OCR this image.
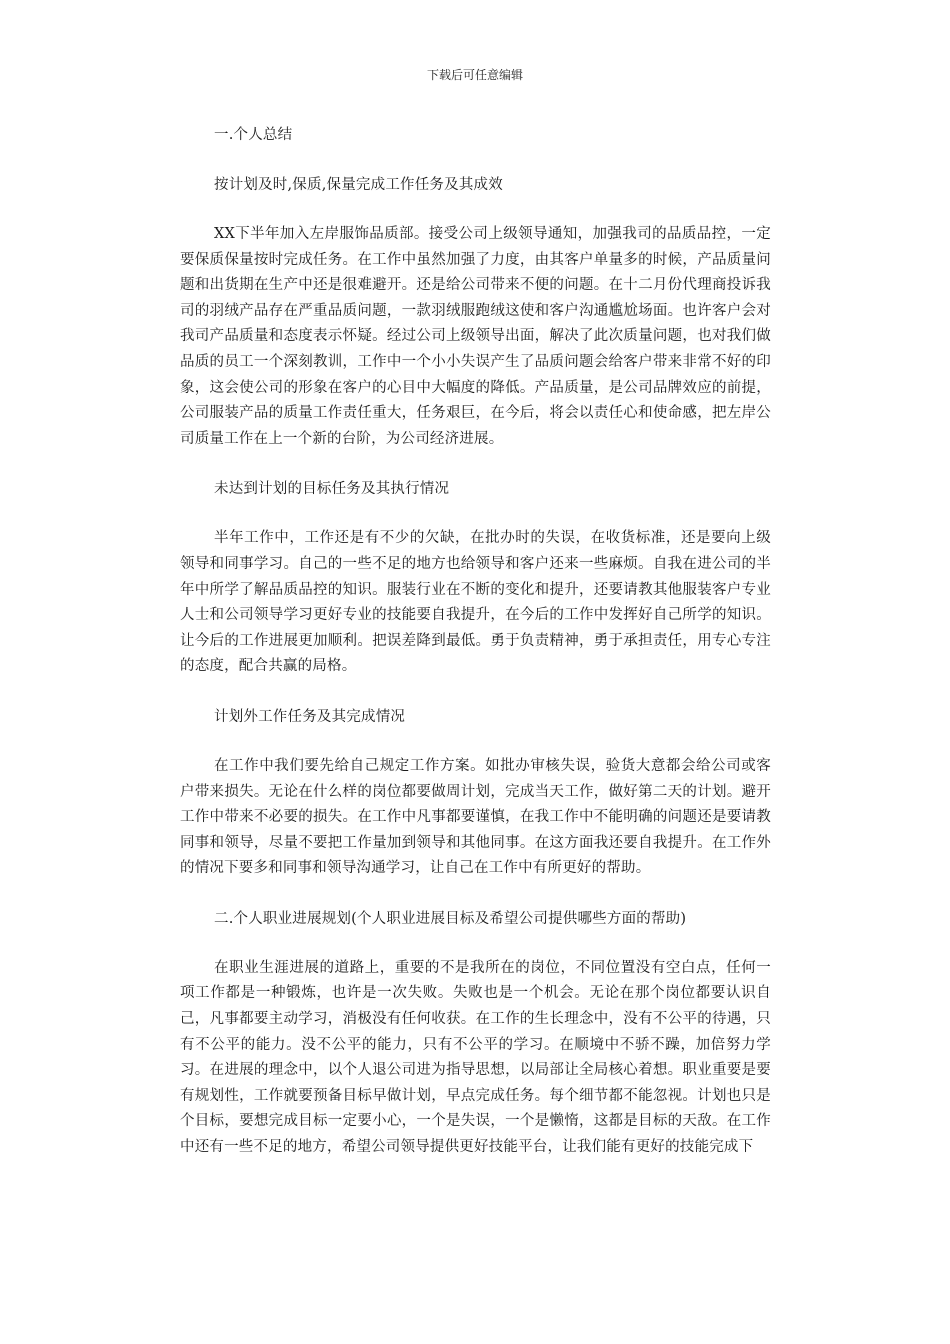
下载后可任意编辑

一.个人总结

按计划及时,保质,保量完成工作任务及其成效

XX下半年加入左岸服饰品质部。接受公司上级领导通知，加强我司的品质品控，一定要保质保量按时完成任务。在工作中虽然加强了力度，由其客户单量多的时候，产品质量问题和出货期在生产中还是很难避开。还是给公司带来不便的问题。在十二月份代理商投诉我司的羽绒产品存在严重品质问题，一款羽绒服跑绒这使和客户沟通尴尬场面。也许客户会对我司产品质量和态度表示怀疑。经过公司上级领导出面，解决了此次质量问题，也对我们做品质的员工一个深刻教训，工作中一个小小失误产生了品质问题会给客户带来非常不好的印象，这会使公司的形象在客户的心目中大幅度的降低。产品质量，是公司品牌效应的前提，公司服装产品的质量工作责任重大，任务艰巨，在今后，将会以责任心和使命感，把左岸公司质量工作在上一个新的台阶，为公司经济进展。

未达到计划的目标任务及其执行情况

半年工作中，工作还是有不少的欠缺，在批办时的失误，在收货标准，还是要向上级领导和同事学习。自己的一些不足的地方也给领导和客户还来一些麻烦。自我在进公司的半年中所学了解品质品控的知识。服装行业在不断的变化和提升，还要请教其他服装客户专业人士和公司领导学习更好专业的技能要自我提升，在今后的工作中发挥好自己所学的知识。让今后的工作进展更加顺利。把误差降到最低。勇于负责精神，勇于承担责任，用专心专注的态度，配合共赢的局格。

计划外工作任务及其完成情况

在工作中我们要先给自己规定工作方案。如批办审核失误，验货大意都会给公司或客户带来损失。无论在什么样的岗位都要做周计划，完成当天工作，做好第二天的计划。避开工作中带来不必要的损失。在工作中凡事都要谨慎，在我工作中不能明确的问题还是要请教同事和领导，尽量不要把工作量加到领导和其他同事。在这方面我还要自我提升。在工作外的情况下要多和同事和领导沟通学习，让自己在工作中有所更好的帮助。

二.个人职业进展规划(个人职业进展目标及希望公司提供哪些方面的帮助)

在职业生涯进展的道路上，重要的不是我所在的岗位，不同位置没有空白点，任何一项工作都是一种锻炼，也许是一次失败。失败也是一个机会。无论在那个岗位都要认识自己，凡事都要主动学习，消极没有任何收获。在工作的生长理念中，没有不公平的待遇，只有不公平的能力。没不公平的能力，只有不公平的学习。在顺境中不骄不躁，加倍努力学习。在进展的理念中，以个人退公司进为指导思想，以局部让全局核心着想。职业重要是要有规划性，工作就要预备目标早做计划，早点完成任务。每个细节都不能忽视。计划也只是个目标，要想完成目标一定要小心，一个是失误，一个是懒惰，这都是目标的天敌。在工作中还有一些不足的地方，希望公司领导提供更好技能平台，让我们能有更好的技能完成下
